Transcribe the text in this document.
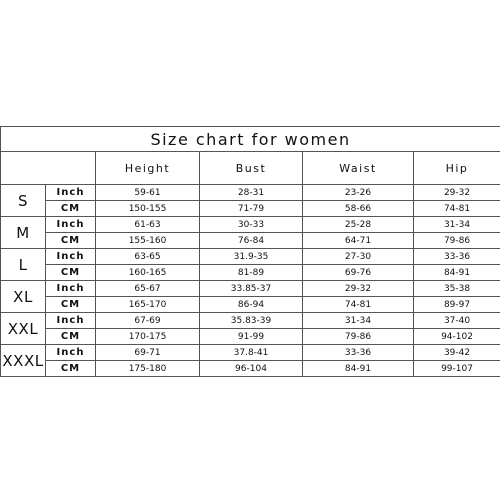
Size chart for women					
		Height	Bust	Waist	Hip
S	Inch	59-61	28-31	23-26	29-32
	CM	150-155	71-79	58-66	74-81
M	Inch	61-63	30-33	25-28	31-34
	CM	155-160	76-84	64-71	79-86
L	Inch	63-65	31.9-35	27-30	33-36
	CM	160-165	81-89	69-76	84-91
XL	Inch	65-67	33.85-37	29-32	35-38
	CM	165-170	86-94	74-81	89-97
XXL	Inch	67-69	35.83-39	31-34	37-40
	CM	170-175	91-99	79-86	94-102
XXXL	Inch	69-71	37.8-41	33-36	39-42
	CM	175-180	96-104	84-91	99-107
